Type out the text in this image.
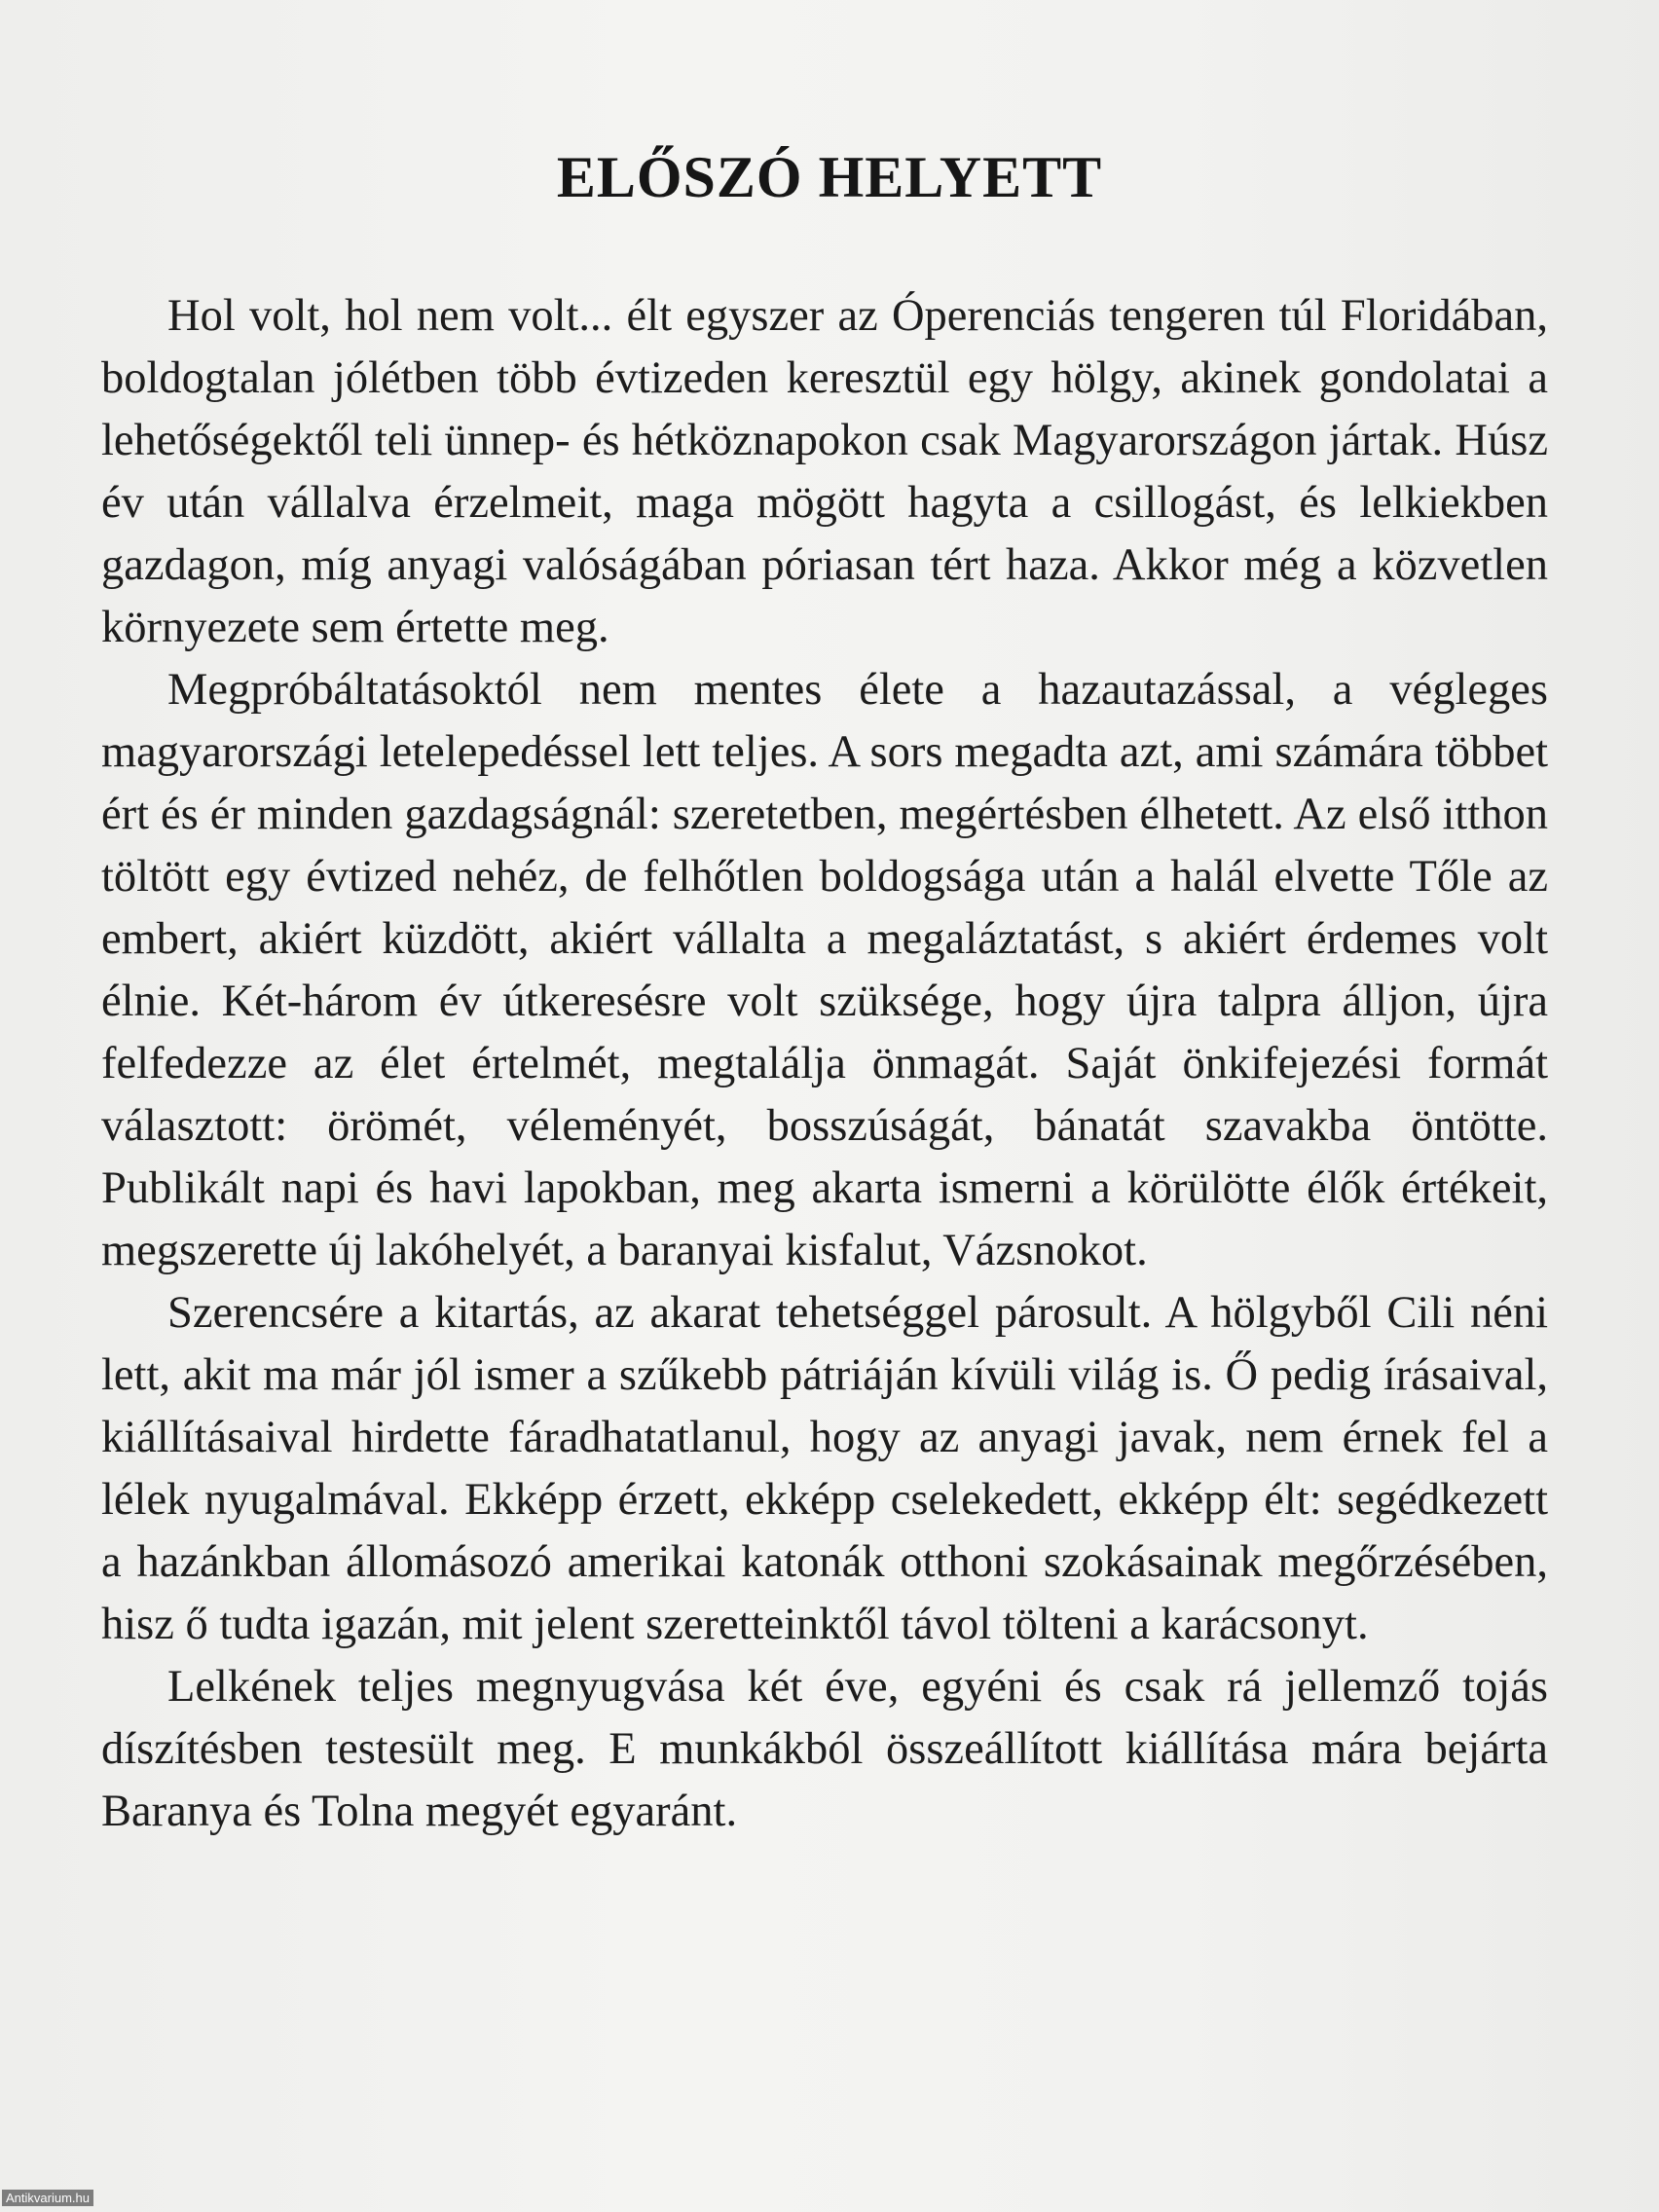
ELŐSZÓ HELYETT

Hol volt, hol nem volt... élt egyszer az Óperenciás tengeren túl Floridában, boldogtalan jólétben több évtizeden keresztül egy hölgy, akinek gondolatai a lehetőségektől teli ünnep- és hétköznapokon csak Magyarországon jártak. Húsz év után vállalva érzelmeit, maga mögött hagyta a csillogást, és lelkiekben gazdagon, míg anyagi valóságában póriasan tért haza. Akkor még a közvetlen környezete sem értette meg.

Megpróbáltatásoktól nem mentes élete a hazautazással, a végleges magyarországi letelepedéssel lett teljes. A sors megadta azt, ami számára többet ért és ér minden gazdagságnál: szeretetben, megértésben élhetett. Az első itthon töltött egy évtized nehéz, de felhőtlen boldogsága után a halál elvette Tőle az embert, akiért küzdött, akiért vállalta a megaláztatást, s akiért érdemes volt élnie. Két-három év útkeresésre volt szüksége, hogy újra talpra álljon, újra felfedezze az élet értelmét, megtalálja önmagát. Saját önkifejezési formát választott: örömét, véleményét, bosszúságát, bánatát szavakba öntötte. Publikált napi és havi lapokban, meg akarta ismerni a körülötte élők értékeit, megszerette új lakóhelyét, a baranyai kisfalut, Vázsnokot.

Szerencsére a kitartás, az akarat tehetséggel párosult. A hölgyből Cili néni lett, akit ma már jól ismer a szűkebb pátriáján kívüli világ is. Ő pedig írásaival, kiállításaival hirdette fáradhatatlanul, hogy az anyagi javak, nem érnek fel a lélek nyugalmával. Ekképp érzett, ekképp cselekedett, ekképp élt: segédkezett a hazánkban állomásozó amerikai katonák otthoni szokásainak megőrzésében, hisz ő tudta igazán, mit jelent szeretteinktől távol tölteni a karácsonyt.

Lelkének teljes megnyugvása két éve, egyéni és csak rá jellemző tojás díszítésben testesült meg. E munkákból összeállított kiállítása mára bejárta Baranya és Tolna megyét egyaránt.

Antikvarium.hu
